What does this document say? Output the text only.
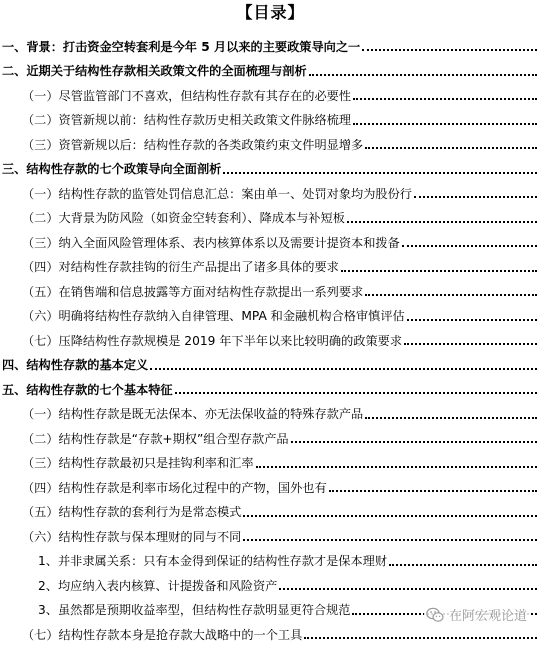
【目录】
一、背景：打击资金空转套利是今年 5 月以来的主要政策导向之一
二、近期关于结构性存款相关政策文件的全面梳理与剖析
（一）尽管监管部门不喜欢，但结构性存款有其存在的必要性
（二）资管新规以前：结构性存款历史相关政策文件脉络梳理
（三）资管新规以后：结构性存款的各类政策约束文件明显增多
三、结构性存款的七个政策导向全面剖析
（一）结构性存款的监管处罚信息汇总：案由单一、处罚对象均为股份行
（二）大背景为防风险（如资金空转套利）、降成本与补短板
（三）纳入全面风险管理体系、表内核算体系以及需要计提资本和拨备
（四）对结构性存款挂钩的衍生产品提出了诸多具体的要求
（五）在销售端和信息披露等方面对结构性存款提出一系列要求
（六）明确将结构性存款纳入自律管理、MPA 和金融机构合格审慎评估
（七）压降结构性存款规模是 2019 年下半年以来比较明确的政策要求
四、结构性存款的基本定义
五、结构性存款的七个基本特征
（一）结构性存款是既无法保本、亦无法保收益的特殊存款产品
（二）结构性存款是“存款+期权”组合型存款产品
（三）结构性存款最初只是挂钩利率和汇率
（四）结构性存款是利率市场化过程中的产物，国外也有
（五）结构性存款的套利行为是常态模式
（六）结构性存款与保本理财的同与不同
1、并非隶属关系：只有本金得到保证的结构性存款才是保本理财
2、均应纳入表内核算、计提拨备和风险资产
3、虽然都是预期收益率型，但结构性存款明显更符合规范
（七）结构性存款本身是抢存款大战略中的一个工具
在阿宏观论道
